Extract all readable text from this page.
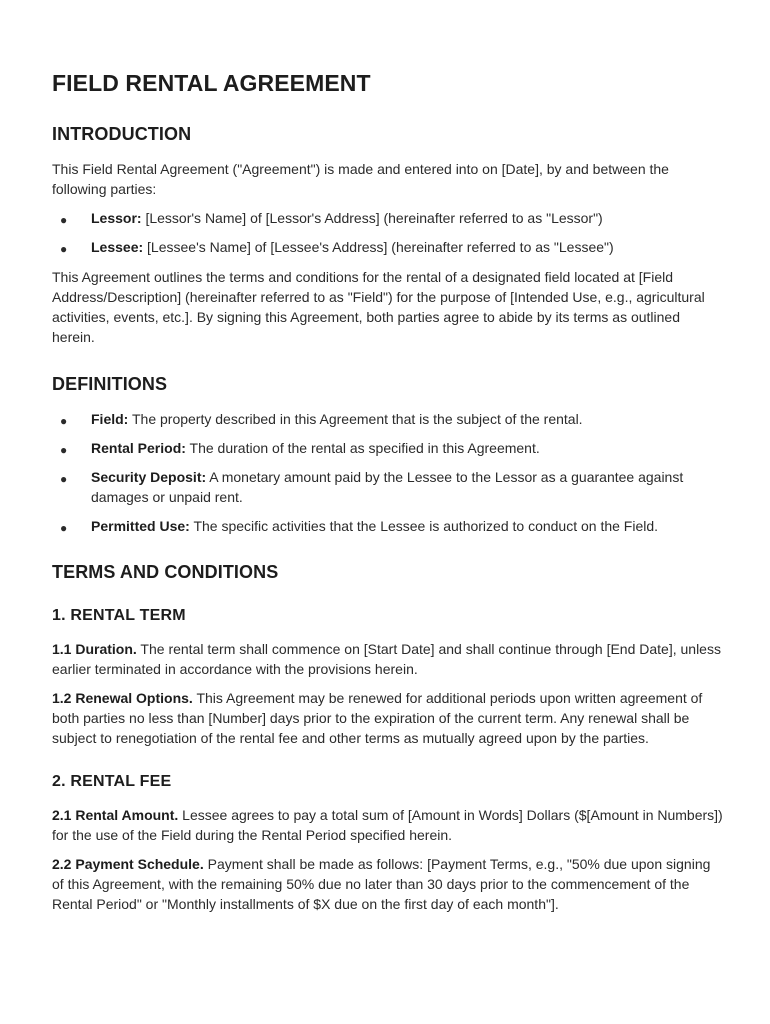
FIELD RENTAL AGREEMENT
INTRODUCTION

This Field Rental Agreement ("Agreement") is made and entered into on [Date], by and between the following parties:

● Lessor: [Lessor's Name] of [Lessor's Address] (hereinafter referred to as "Lessor")
● Lessee: [Lessee's Name] of [Lessee's Address] (hereinafter referred to as "Lessee")

This Agreement outlines the terms and conditions for the rental of a designated field located at [Field Address/Description] (hereinafter referred to as "Field") for the purpose of [Intended Use, e.g., agricultural activities, events, etc.]. By signing this Agreement, both parties agree to abide by its terms as outlined herein.

DEFINITIONS
● Field: The property described in this Agreement that is the subject of the rental.
● Rental Period: The duration of the rental as specified in this Agreement.
● Security Deposit: A monetary amount paid by the Lessee to the Lessor as a guarantee against damages or unpaid rent.
● Permitted Use: The specific activities that the Lessee is authorized to conduct on the Field.
TERMS AND CONDITIONS
1. RENTAL TERM

1.1 Duration. The rental term shall commence on [Start Date] and shall continue through [End Date], unless earlier terminated in accordance with the provisions herein.

1.2 Renewal Options. This Agreement may be renewed for additional periods upon written agreement of both parties no less than [Number] days prior to the expiration of the current term. Any renewal shall be subject to renegotiation of the rental fee and other terms as mutually agreed upon by the parties.

2. RENTAL FEE

2.1 Rental Amount. Lessee agrees to pay a total sum of [Amount in Words] Dollars ($[Amount in Numbers]) for the use of the Field during the Rental Period specified herein.

2.2 Payment Schedule. Payment shall be made as follows: [Payment Terms, e.g., "50% due upon signing of this Agreement, with the remaining 50% due no later than 30 days prior to the commencement of the Rental Period" or "Monthly installments of $X due on the first day of each month"].
